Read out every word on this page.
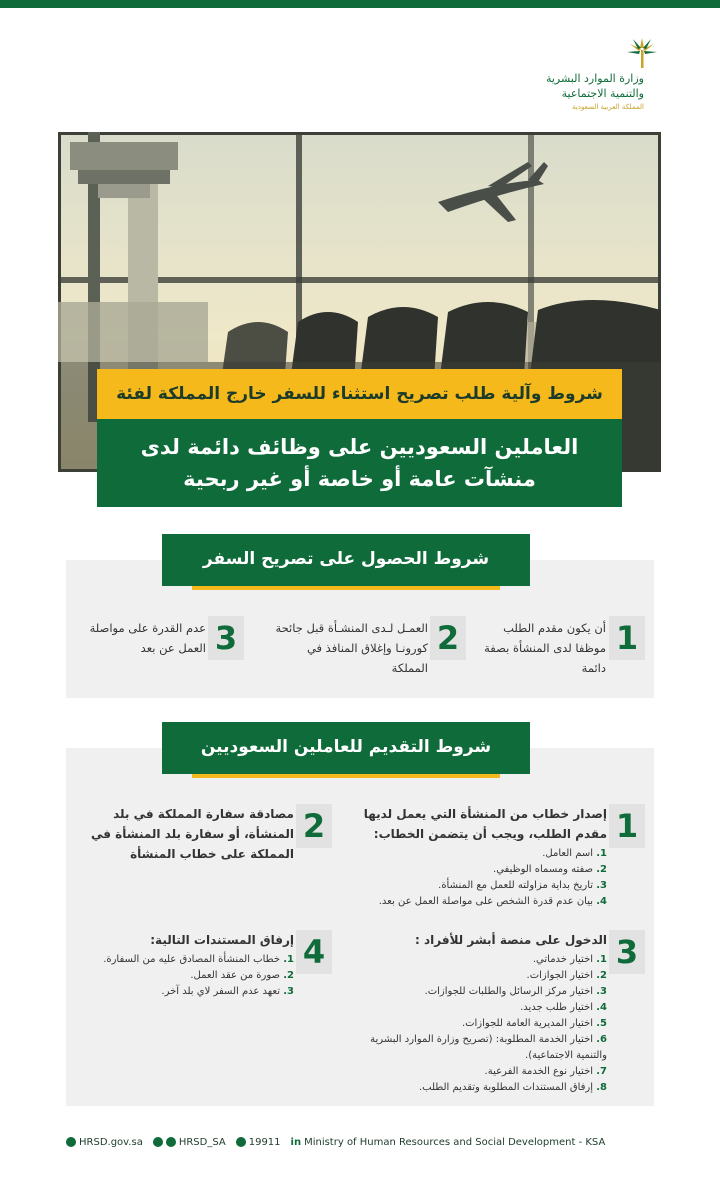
وزارة الموارد البشرية
والتنمية الاجتماعية
المملكة العربية السعودية
شروط وآلية طلب تصريح استثناء للسفر خارج المملكة لفئة
العاملين السعوديين على وظائف دائمة لدى
منشآت عامة أو خاصة أو غير ربحية
شروط الحصول على تصريح السفر
1
أن يكون مقدم الطلب موظفا لدى المنشأة بصفة دائمة
2
العمـل لـدى المنشـأة قبل جائحة كورونـا وإغلاق المنافذ في المملكة
3
عدم القدرة على مواصلة العمل عن بعد
شروط التقديم للعاملين السعوديين
1
إصدار خطاب من المنشأة التي يعمل لديها مقدم الطلب، ويجب أن يتضمن الخطاب:
1. اسم العامل.
2. صفته ومسماه الوظيفي.
3. تاريخ بداية مزاولته للعمل مع المنشأة.
4. بيان عدم قدرة الشخص على مواصلة العمل عن بعد.
2
مصادقة سفارة المملكة في بلد المنشأة، أو سفارة بلد المنشأة في المملكة على خطاب المنشأة
3
الدخول على منصة أبشر للأفراد :
1. اختيار خدماتي.
2. اختيار الجوازات.
3. اختيار مركز الرسائل والطلبات للجوازات.
4. اختيار طلب جديد.
5. اختيار المديرية العامة للجوازات.
6. اختيار الخدمة المطلوبة: (تصريح وزارة الموارد البشرية والتنمية الاجتماعية).
7. اختيار نوع الخدمة الفرعية.
8. إرفاق المستندات المطلوبة وتقديم الطلب.
4
إرفاق المستندات التالية:
1. خطاب المنشأة المصادق عليه من السفارة.
2. صورة من عقد العمل.
3. تعهد عدم السفر لاي بلد آخر.
HRSD.gov.sa	HRSD_SA 19911 in Ministry of Human Resources and Social Development - KSA
